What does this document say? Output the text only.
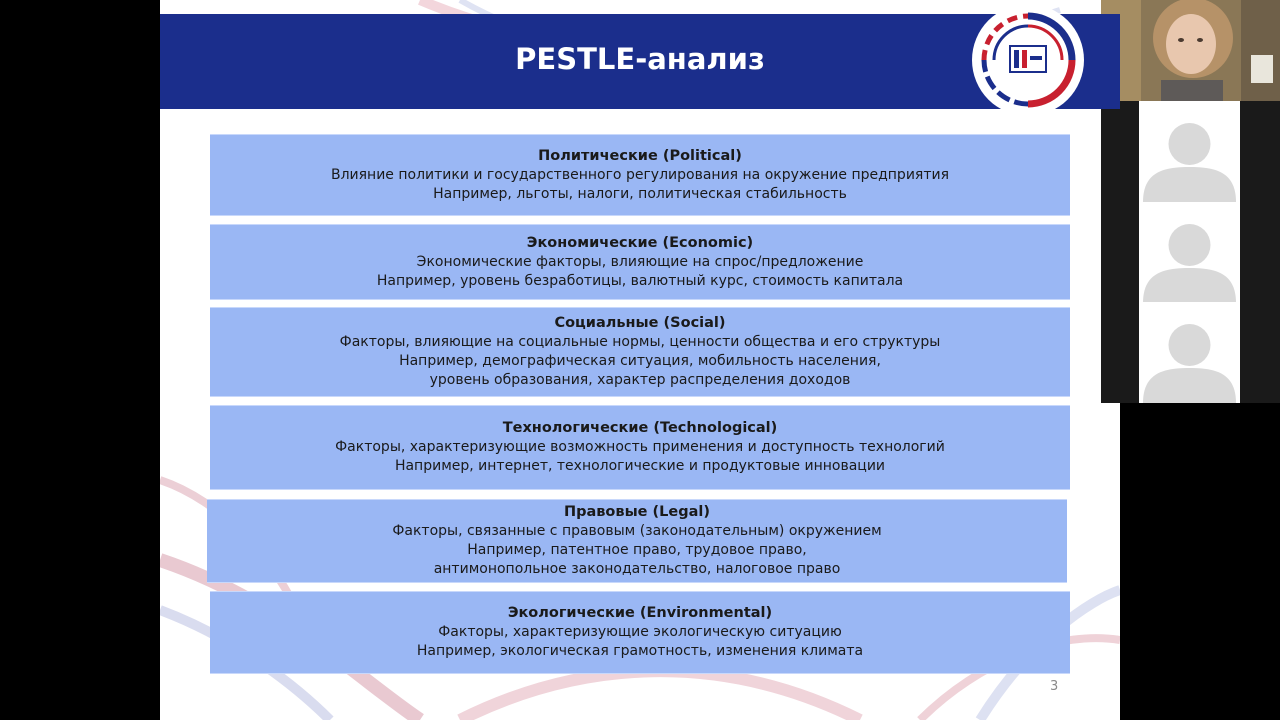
PESTLE-анализ
Политические (Political)
Влияние политики и государственного регулирования на окружение предприятия
Например, льготы, налоги, политическая стабильность
Экономические (Economic)
Экономические факторы, влияющие на спрос/предложение
Например, уровень безработицы, валютный курс, стоимость капитала
Социальные (Social)
Факторы, влияющие на социальные нормы, ценности общества и его структуры
Например, демографическая ситуация, мобильность населения,
уровень образования, характер распределения доходов
Технологические (Technological)
Факторы, характеризующие возможность применения и доступность технологий
Например, интернет, технологические и продуктовые инновации
Правовые (Legal)
Факторы, связанные с правовым (законодательным) окружением
Например, патентное право, трудовое право,
антимонопольное законодательство, налоговое право
Экологические (Environmental)
Факторы, характеризующие экологическую ситуацию
Например, экологическая грамотность, изменения климата
3
